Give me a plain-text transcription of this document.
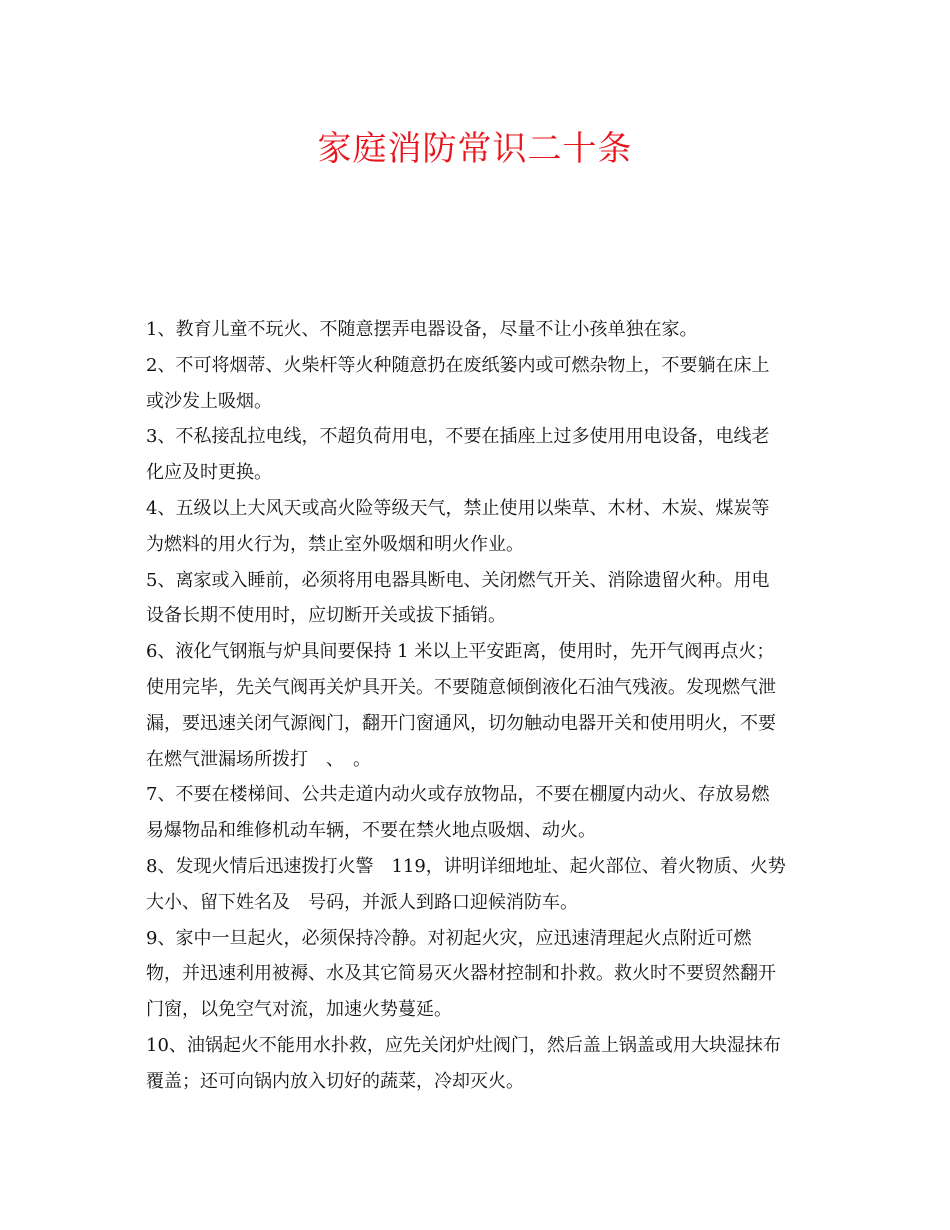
家庭消防常识二十条

1、教育儿童不玩火、不随意摆弄电器设备，尽量不让小孩单独在家。

2、不可将烟蒂、火柴杆等火种随意扔在废纸篓内或可燃杂物上，不要躺在床上

或沙发上吸烟。

3、不私接乱拉电线，不超负荷用电，不要在插座上过多使用用电设备，电线老

化应及时更换。

4、五级以上大风天或高火险等级天气，禁止使用以柴草、木材、木炭、煤炭等

为燃料的用火行为，禁止室外吸烟和明火作业。

5、离家或入睡前，必须将用电器具断电、关闭燃气开关、消除遗留火种。用电

设备长期不使用时，应切断开关或拔下插销。

6、液化气钢瓶与炉具间要保持 1 米以上平安距离，使用时，先开气阀再点火；

使用完毕，先关气阀再关炉具开关。不要随意倾倒液化石油气残液。发现燃气泄

漏，要迅速关闭气源阀门，翻开门窗通风，切勿触动电器开关和使用明火，不要

在燃气泄漏场所拨打　、　。

7、不要在楼梯间、公共走道内动火或存放物品，不要在棚厦内动火、存放易燃

易爆物品和维修机动车辆，不要在禁火地点吸烟、动火。

8、发现火情后迅速拨打火警　119，讲明详细地址、起火部位、着火物质、火势

大小、留下姓名及　号码，并派人到路口迎候消防车。

9、家中一旦起火，必须保持冷静。对初起火灾，应迅速清理起火点附近可燃

物，并迅速利用被褥、水及其它简易灭火器材控制和扑救。救火时不要贸然翻开

门窗，以免空气对流，加速火势蔓延。

10、油锅起火不能用水扑救，应先关闭炉灶阀门，然后盖上锅盖或用大块湿抹布

覆盖；还可向锅内放入切好的蔬菜，冷却灭火。
